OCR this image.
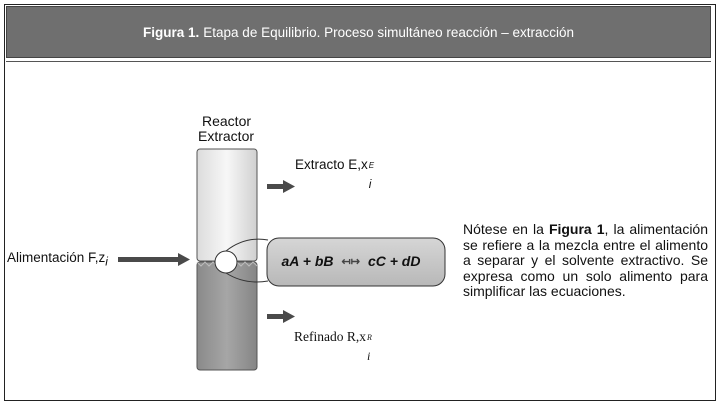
Figura 1. Etapa de Equilibrio. Proceso simultáneo reacción – extracción
Reactor
Extractor
Alimentación $F,z_i$
Extracto E,x E
i
Refinado R,x R
i
aA + bB ↤↦ cC + dD
Nótese en la Figura 1, la alimentación se refiere a la mezcla entre el alimento a separar y el solvente extractivo. Se expresa como un solo alimento para simplificar las ecuaciones.
